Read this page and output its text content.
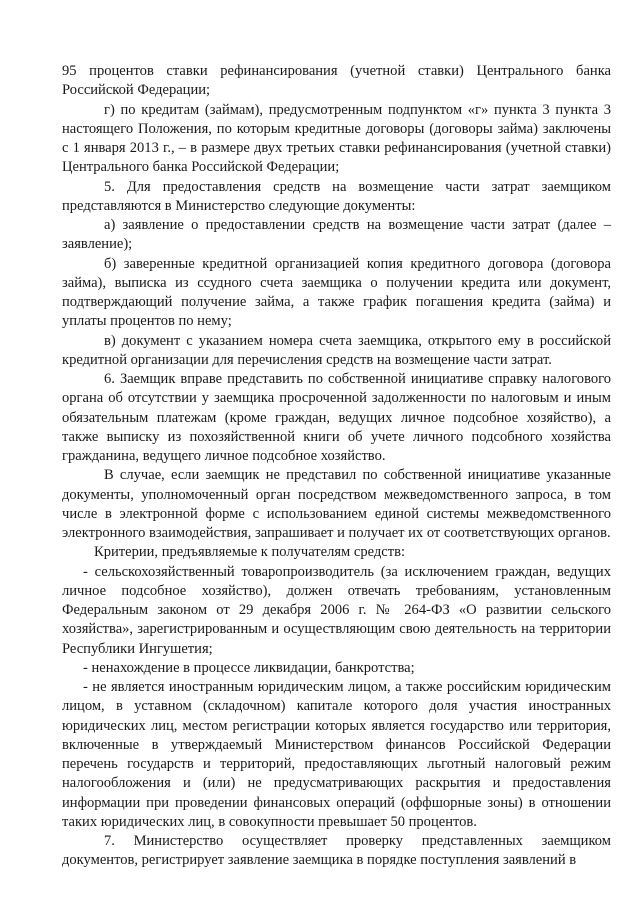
95 процентов ставки рефинансирования (учетной ставки) Центрального банка Российской Федерации;

г) по кредитам (займам), предусмотренным подпунктом «г» пункта 3 пункта 3 настоящего Положения, по которым кредитные договоры (договоры займа) заключены с 1 января 2013 г., – в размере двух третьих ставки рефинансирования (учетной ставки) Центрального банка Российской Федерации;

5. Для предоставления средств на возмещение части затрат заемщиком представляются в Министерство следующие документы:

а) заявление о предоставлении средств на возмещение части затрат (далее – заявление);

б) заверенные кредитной организацией копия кредитного договора (договора займа), выписка из ссудного счета заемщика о получении кредита или документ, подтверждающий получение займа, а также график погашения кредита (займа) и уплаты процентов по нему;

в) документ с указанием номера счета заемщика, открытого ему в российской кредитной организации для перечисления средств на возмещение части затрат.

6. Заемщик вправе представить по собственной инициативе справку налогового органа об отсутствии у заемщика просроченной задолженности по налоговым и иным обязательным платежам (кроме граждан, ведущих личное подсобное хозяйство), а также выписку из похозяйственной книги об учете личного подсобного хозяйства гражданина, ведущего личное подсобное хозяйство.

В случае, если заемщик не представил по собственной инициативе указанные документы, уполномоченный орган посредством межведомственного запроса, в том числе в электронной форме с использованием единой системы межведомственного электронного взаимодействия, запрашивает и получает их от соответствующих органов.

Критерии, предъявляемые к получателям средств:

- сельскохозяйственный товаропроизводитель (за исключением граждан, ведущих личное подсобное хозяйство), должен отвечать требованиям, установленным Федеральным законом от 29 декабря 2006 г. № 264-ФЗ «О развитии сельского хозяйства», зарегистрированным и осуществляющим свою деятельность на территории Республики Ингушетия;

- ненахождение в процессе ликвидации, банкротства;

- не является иностранным юридическим лицом, а также российским юридическим лицом, в уставном (складочном) капитале которого доля участия иностранных юридических лиц, местом регистрации которых является государство или территория, включенные в утверждаемый Министерством финансов Российской Федерации перечень государств и территорий, предоставляющих льготный налоговый режим налогообложения и (или) не предусматривающих раскрытия и предоставления информации при проведении финансовых операций (оффшорные зоны) в отношении таких юридических лиц, в совокупности превышает 50 процентов.

7. Министерство осуществляет проверку представленных заемщиком документов, регистрирует заявление заемщика в порядке поступления заявлений в
